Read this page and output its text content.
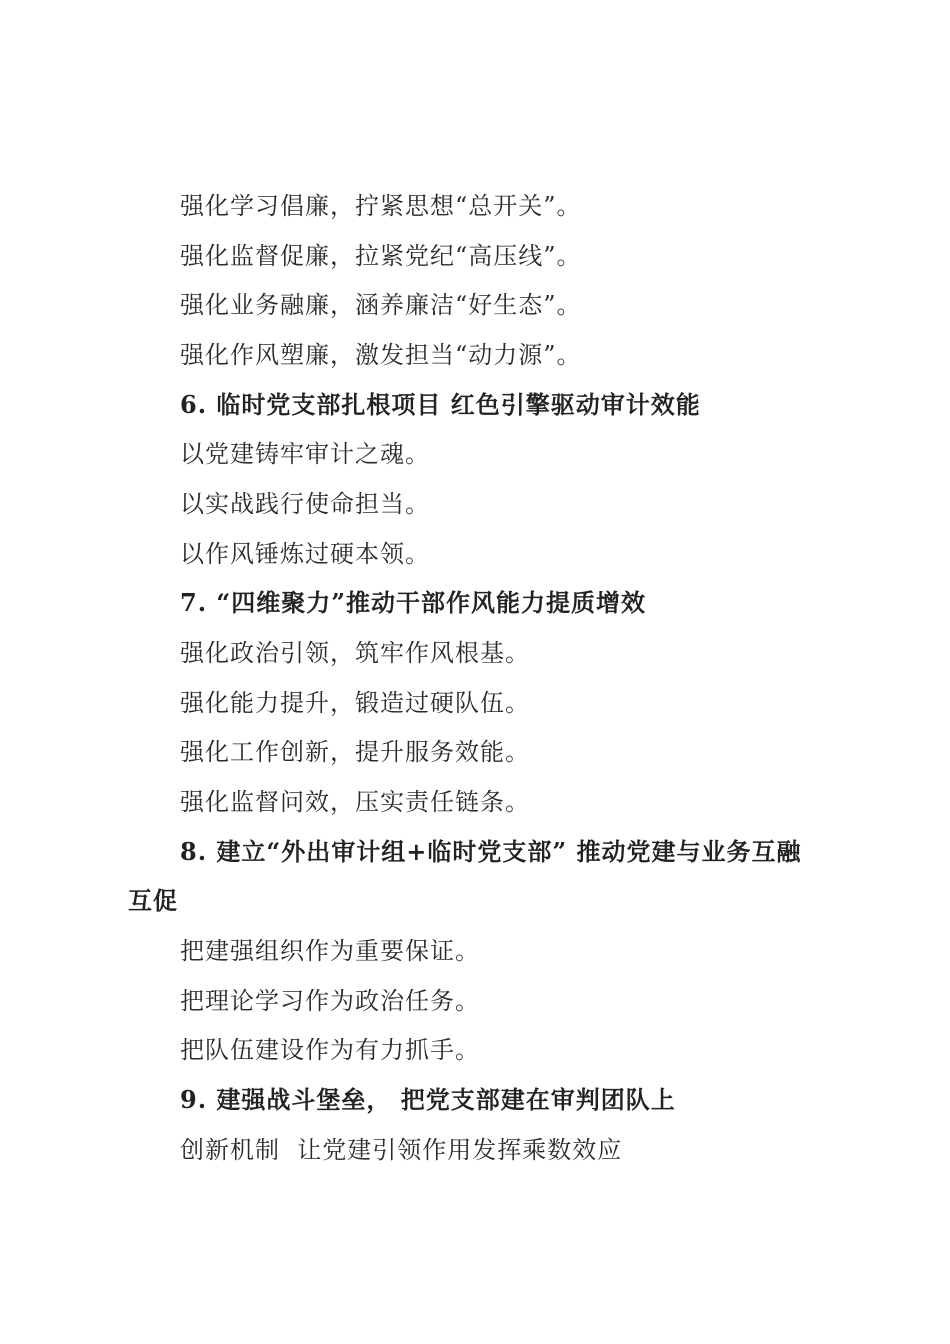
强化学习倡廉，拧紧思想“总开关”。
强化监督促廉，拉紧党纪“高压线”。
强化业务融廉，涵养廉洁“好生态”。
强化作风塑廉，激发担当“动力源”。
6. 临时党支部扎根项目 红色引擎驱动审计效能
以党建铸牢审计之魂。
以实战践行使命担当。
以作风锤炼过硬本领。
7. “四维聚力”推动干部作风能力提质增效
强化政治引领，筑牢作风根基。
强化能力提升，锻造过硬队伍。
强化工作创新，提升服务效能。
强化监督问效，压实责任链条。
8. 建立“外出审计组+临时党支部” 推动党建与业务互融
互促
把建强组织作为重要保证。
把理论学习作为政治任务。
把队伍建设作为有力抓手。
9. 建强战斗堡垒， 把党支部建在审判团队上
创新机制  让党建引领作用发挥乘数效应
